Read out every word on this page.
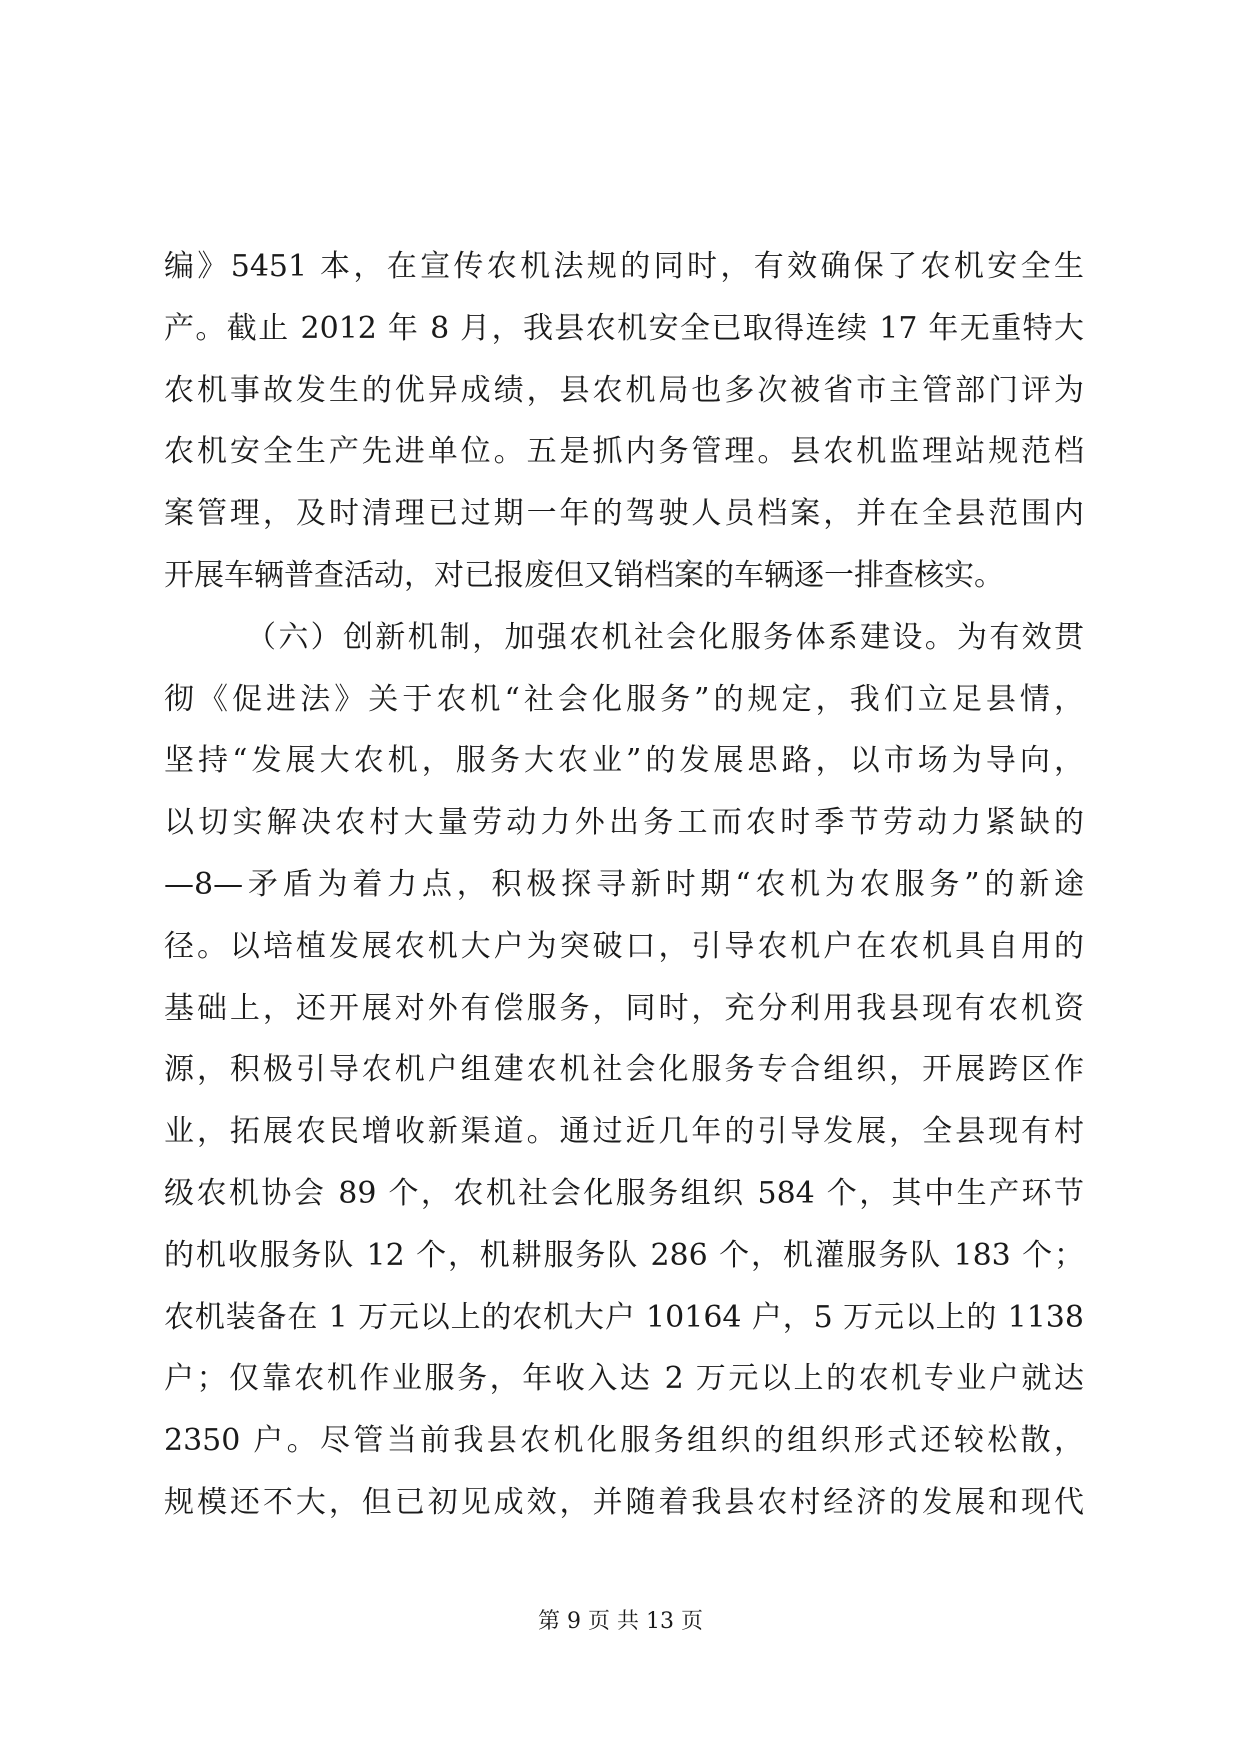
编》5451 本，在宣传农机法规的同时，有效确保了农机安全生
产。截止 2012 年 8 月，我县农机安全已取得连续 17 年无重特大
农机事故发生的优异成绩，县农机局也多次被省市主管部门评为
农机安全生产先进单位。五是抓内务管理。县农机监理站规范档
案管理，及时清理已过期一年的驾驶人员档案，并在全县范围内
开展车辆普查活动，对已报废但又销档案的车辆逐一排查核实。
（六）创新机制，加强农机社会化服务体系建设。为有效贯
彻《促进法》关于农机“社会化服务”的规定，我们立足县情，
坚持“发展大农机，服务大农业”的发展思路，以市场为导向，
以切实解决农村大量劳动力外出务工而农时季节劳动力紧缺的
—8—矛盾为着力点，积极探寻新时期“农机为农服务”的新途
径。以培植发展农机大户为突破口，引导农机户在农机具自用的
基础上，还开展对外有偿服务，同时，充分利用我县现有农机资
源，积极引导农机户组建农机社会化服务专合组织，开展跨区作
业，拓展农民增收新渠道。通过近几年的引导发展，全县现有村
级农机协会 89 个，农机社会化服务组织 584 个，其中生产环节
的机收服务队 12 个，机耕服务队 286 个，机灌服务队 183 个；
农机装备在 1 万元以上的农机大户 10164 户，5 万元以上的 1138
户；仅靠农机作业服务，年收入达 2 万元以上的农机专业户就达
2350 户。尽管当前我县农机化服务组织的组织形式还较松散，
规模还不大，但已初见成效，并随着我县农村经济的发展和现代
第 9 页 共 13 页
